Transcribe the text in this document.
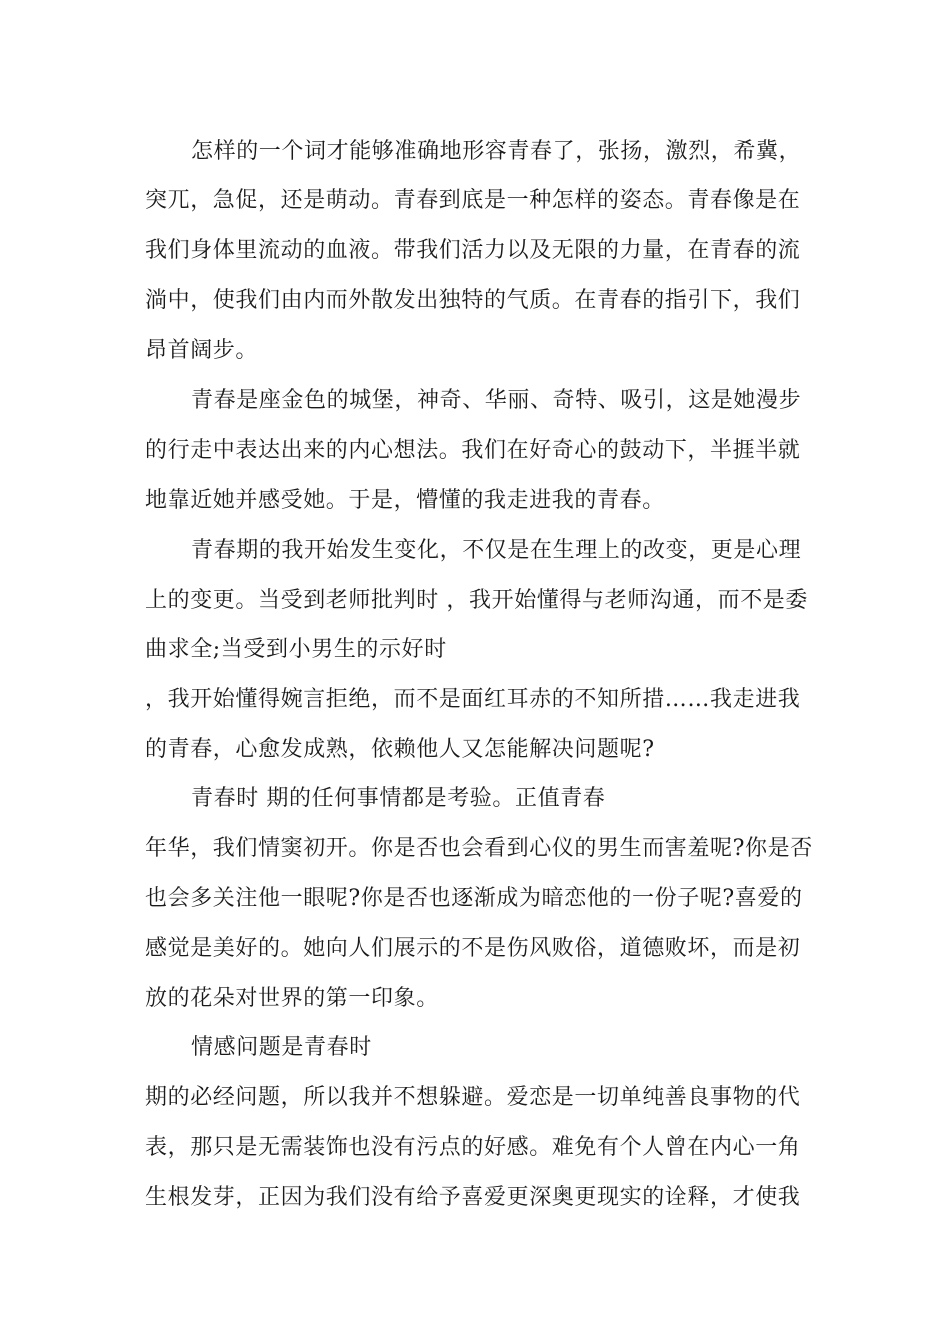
怎样的一个词才能够准确地形容青春了，张扬，激烈，希冀，
突兀，急促，还是萌动。青春到底是一种怎样的姿态。青春像是在
我们身体里流动的血液。带我们活力以及无限的力量，在青春的流
淌中，使我们由内而外散发出独特的气质。在青春的指引下，我们
昂首阔步。
青春是座金色的城堡，神奇、华丽、奇特、吸引，这是她漫步
的行走中表达出来的内心想法。我们在好奇心的鼓动下，半捱半就
地靠近她并感受她。于是，懵懂的我走进我的青春。
青春期的我开始发生变化，不仅是在生理上的改变，更是心理
上的变更。当受到老师批判时 ，我开始懂得与老师沟通，而不是委
曲求全;当受到小男生的示好时
，我开始懂得婉言拒绝，而不是面红耳赤的不知所措……我走进我
的青春，心愈发成熟，依赖他人又怎能解决问题呢?
青春时 期的任何事情都是考验。正值青春
年华，我们情窦初开。你是否也会看到心仪的男生而害羞呢?你是否
也会多关注他一眼呢?你是否也逐渐成为暗恋他的一份子呢?喜爱的
感觉是美好的。她向人们展示的不是伤风败俗，道德败坏，而是初
放的花朵对世界的第一印象。
情感问题是青春时
期的必经问题，所以我并不想躲避。爱恋是一切单纯善良事物的代
表，那只是无需装饰也没有污点的好感。难免有个人曾在内心一角
生根发芽，正因为我们没有给予喜爱更深奥更现实的诠释，才使我
